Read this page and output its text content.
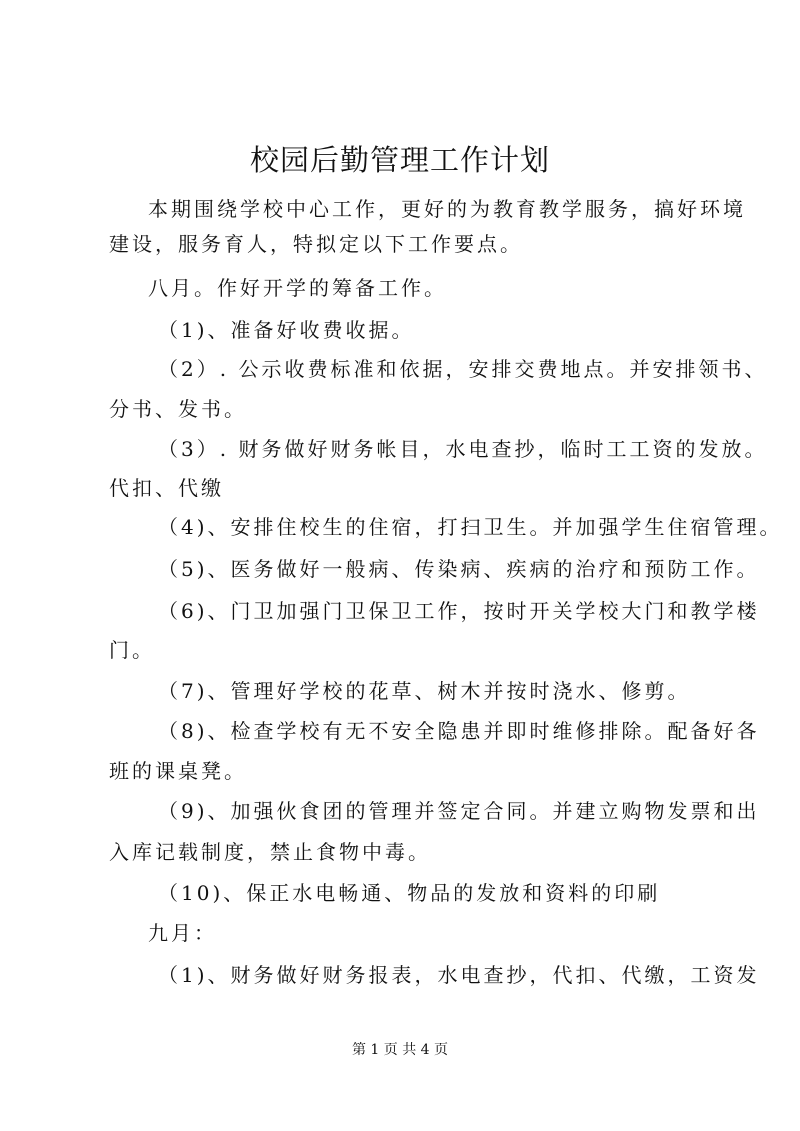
校园后勤管理工作计划
本期围绕学校中心工作，更好的为教育教学服务，搞好环境
建设，服务育人，特拟定以下工作要点。
八月。作好开学的筹备工作。
（1)、准备好收费收据。
（2）. 公示收费标准和依据，安排交费地点。并安排领书、
分书、发书。
（3）. 财务做好财务帐目，水电查抄，临时工工资的发放。
代扣、代缴
（4)、安排住校生的住宿，打扫卫生。并加强学生住宿管理。
（5)、医务做好一般病、传染病、疾病的治疗和预防工作。
（6)、门卫加强门卫保卫工作，按时开关学校大门和教学楼
门。
（7)、管理好学校的花草、树木并按时浇水、修剪。
（8)、检查学校有无不安全隐患并即时维修排除。配备好各
班的课桌凳。
（9)、加强伙食团的管理并签定合同。并建立购物发票和出
入库记载制度，禁止食物中毒。
（10)、保正水电畅通、物品的发放和资料的印刷
九月：
（1)、财务做好财务报表，水电查抄，代扣、代缴，工资发
第 1 页 共 4 页
